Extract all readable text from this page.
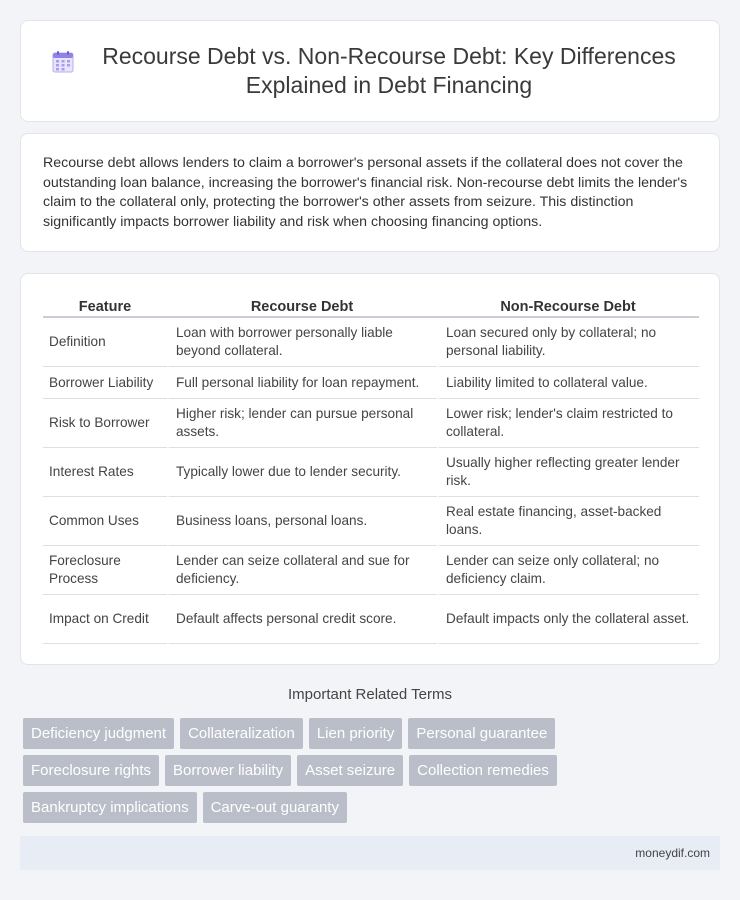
Recourse Debt vs. Non-Recourse Debt: Key Differences Explained in Debt Financing

Recourse debt allows lenders to claim a borrower's personal assets if the collateral does not cover the outstanding loan balance, increasing the borrower's financial risk. Non-recourse debt limits the lender's claim to the collateral only, protecting the borrower's other assets from seizure. This distinction significantly impacts borrower liability and risk when choosing financing options.

Feature	Recourse Debt	Non-Recourse Debt
Definition	Loan with borrower personally liable beyond collateral.	Loan secured only by collateral; no personal liability.
Borrower Liability	Full personal liability for loan repayment.	Liability limited to collateral value.
Risk to Borrower	Higher risk; lender can pursue personal assets.	Lower risk; lender's claim restricted to collateral.
Interest Rates	Typically lower due to lender security.	Usually higher reflecting greater lender risk.
Common Uses	Business loans, personal loans.	Real estate financing, asset-backed loans.
Foreclosure Process	Lender can seize collateral and sue for deficiency.	Lender can seize only collateral; no deficiency claim.
Impact on Credit	Default affects personal credit score.	Default impacts only the collateral asset.
Important Related Terms
Deficiency judgment	Collateralization	Lien priority	Personal guarantee
Foreclosure rights	Borrower liability	Asset seizure	Collection remedies
Bankruptcy implications	Carve-out guaranty
moneydif.com
